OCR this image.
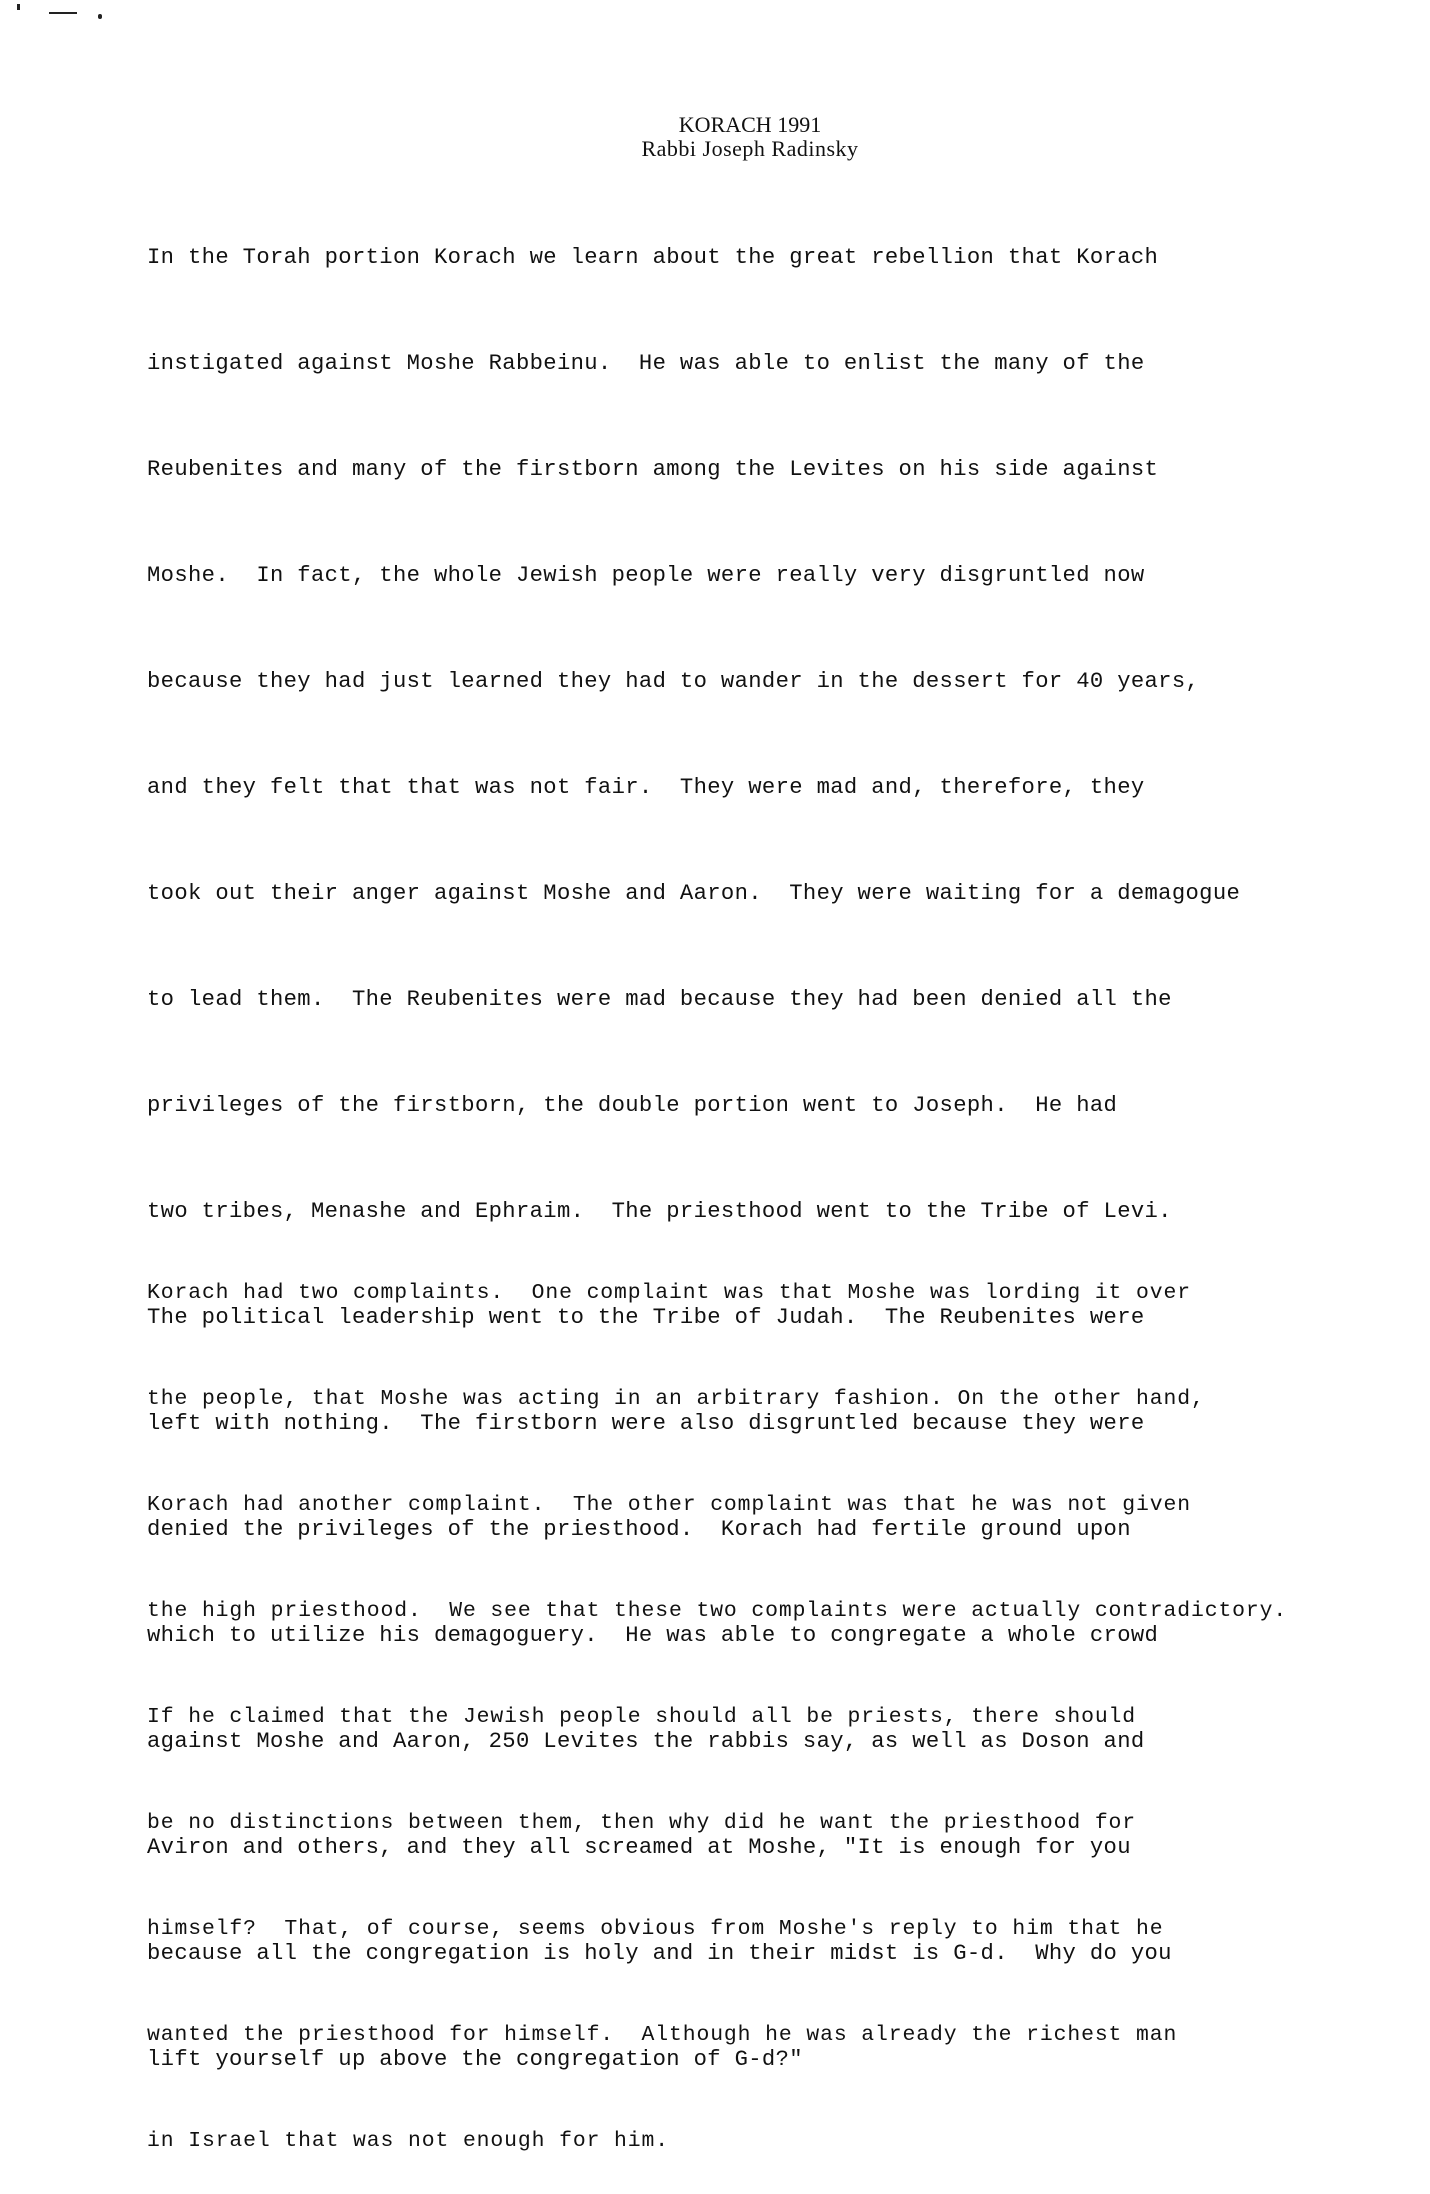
KORACH 1991
Rabbi Joseph Radinsky

In the Torah portion Korach we learn about the great rebellion that Korach

instigated against Moshe Rabbeinu.  He was able to enlist the many of the

Reubenites and many of the firstborn among the Levites on his side against

Moshe.  In fact, the whole Jewish people were really very disgruntled now

because they had just learned they had to wander in the dessert for 40 years,

and they felt that that was not fair.  They were mad and, therefore, they

took out their anger against Moshe and Aaron.  They were waiting for a demagogue

to lead them.  The Reubenites were mad because they had been denied all the

privileges of the firstborn, the double portion went to Joseph.  He had

two tribes, Menashe and Ephraim.  The priesthood went to the Tribe of Levi.

The political leadership went to the Tribe of Judah.  The Reubenites were

left with nothing.  The firstborn were also disgruntled because they were

denied the privileges of the priesthood.  Korach had fertile ground upon

which to utilize his demagoguery.  He was able to congregate a whole crowd

against Moshe and Aaron, 250 Levites the rabbis say, as well as Doson and

Aviron and others, and they all screamed at Moshe, "It is enough for you

because all the congregation is holy and in their midst is G-d.  Why do you

lift yourself up above the congregation of G-d?"

Korach had two complaints.  One complaint was that Moshe was lording it over

the people, that Moshe was acting in an arbitrary fashion. On the other hand,

Korach had another complaint.  The other complaint was that he was not given

the high priesthood.  We see that these two complaints were actually contradictory.

If he claimed that the Jewish people should all be priests, there should

be no distinctions between them, then why did he want the priesthood for

himself?  That, of course, seems obvious from Moshe's reply to him that he

wanted the priesthood for himself.  Although he was already the richest man

in Israel that was not enough for him.
